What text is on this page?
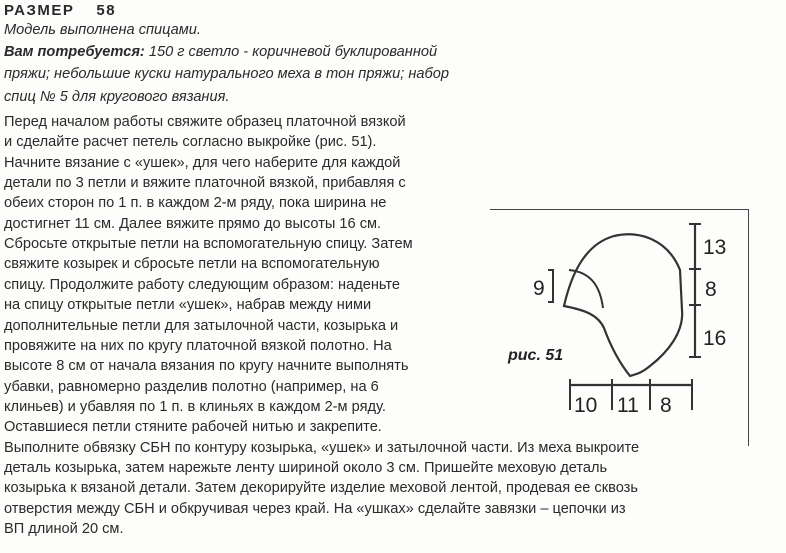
РАЗМЕР 58
Модель выполнена спицами.
Вам потребуется: 150 г светло - коричневой буклированной
пряжи; небольшие куски натурального меха в тон пряжи; набор
спиц № 5 для кругового вязания.
Перед началом работы свяжите образец платочной вязкой
и сделайте расчет петель согласно выкройке (рис. 51).
Начните вязание с «ушек», для чего наберите для каждой
детали по 3 петли и вяжите платочной вязкой, прибавляя с
обеих сторон по 1 п. в каждом 2-м ряду, пока ширина не
достигнет 11 см. Далее вяжите прямо до высоты 16 см.
Сбросьте открытые петли на вспомогательную спицу. Затем
свяжите козырек и сбросьте петли на вспомогательную
спицу. Продолжите работу следующим образом: наденьте
на спицу открытые петли «ушек», набрав между ними
дополнительные петли для затылочной части, козырька и
провяжите на них по кругу платочной вязкой полотно. На
высоте 8 см от начала вязания по кругу начните выполнять
убавки, равномерно разделив полотно (например, на 6
клиньев) и убавляя по 1 п. в клиньях в каждом 2-м ряду.
Оставшиеся петли стяните рабочей нитью и закрепите.
Выполните обвязку СБН по контуру козырька, «ушек» и затылочной части. Из меха выкроите
деталь козырька, затем нарежьте ленту шириной около 3 см. Пришейте меховую деталь
козырька к вязаной детали. Затем декорируйте изделие меховой лентой, продевая ее сквозь
отверстия между СБН и обкручивая через край. На «ушках» сделайте завязки – цепочки из
ВП длиной 20 см.
13
8
16
9
10 11 8
рис. 51
